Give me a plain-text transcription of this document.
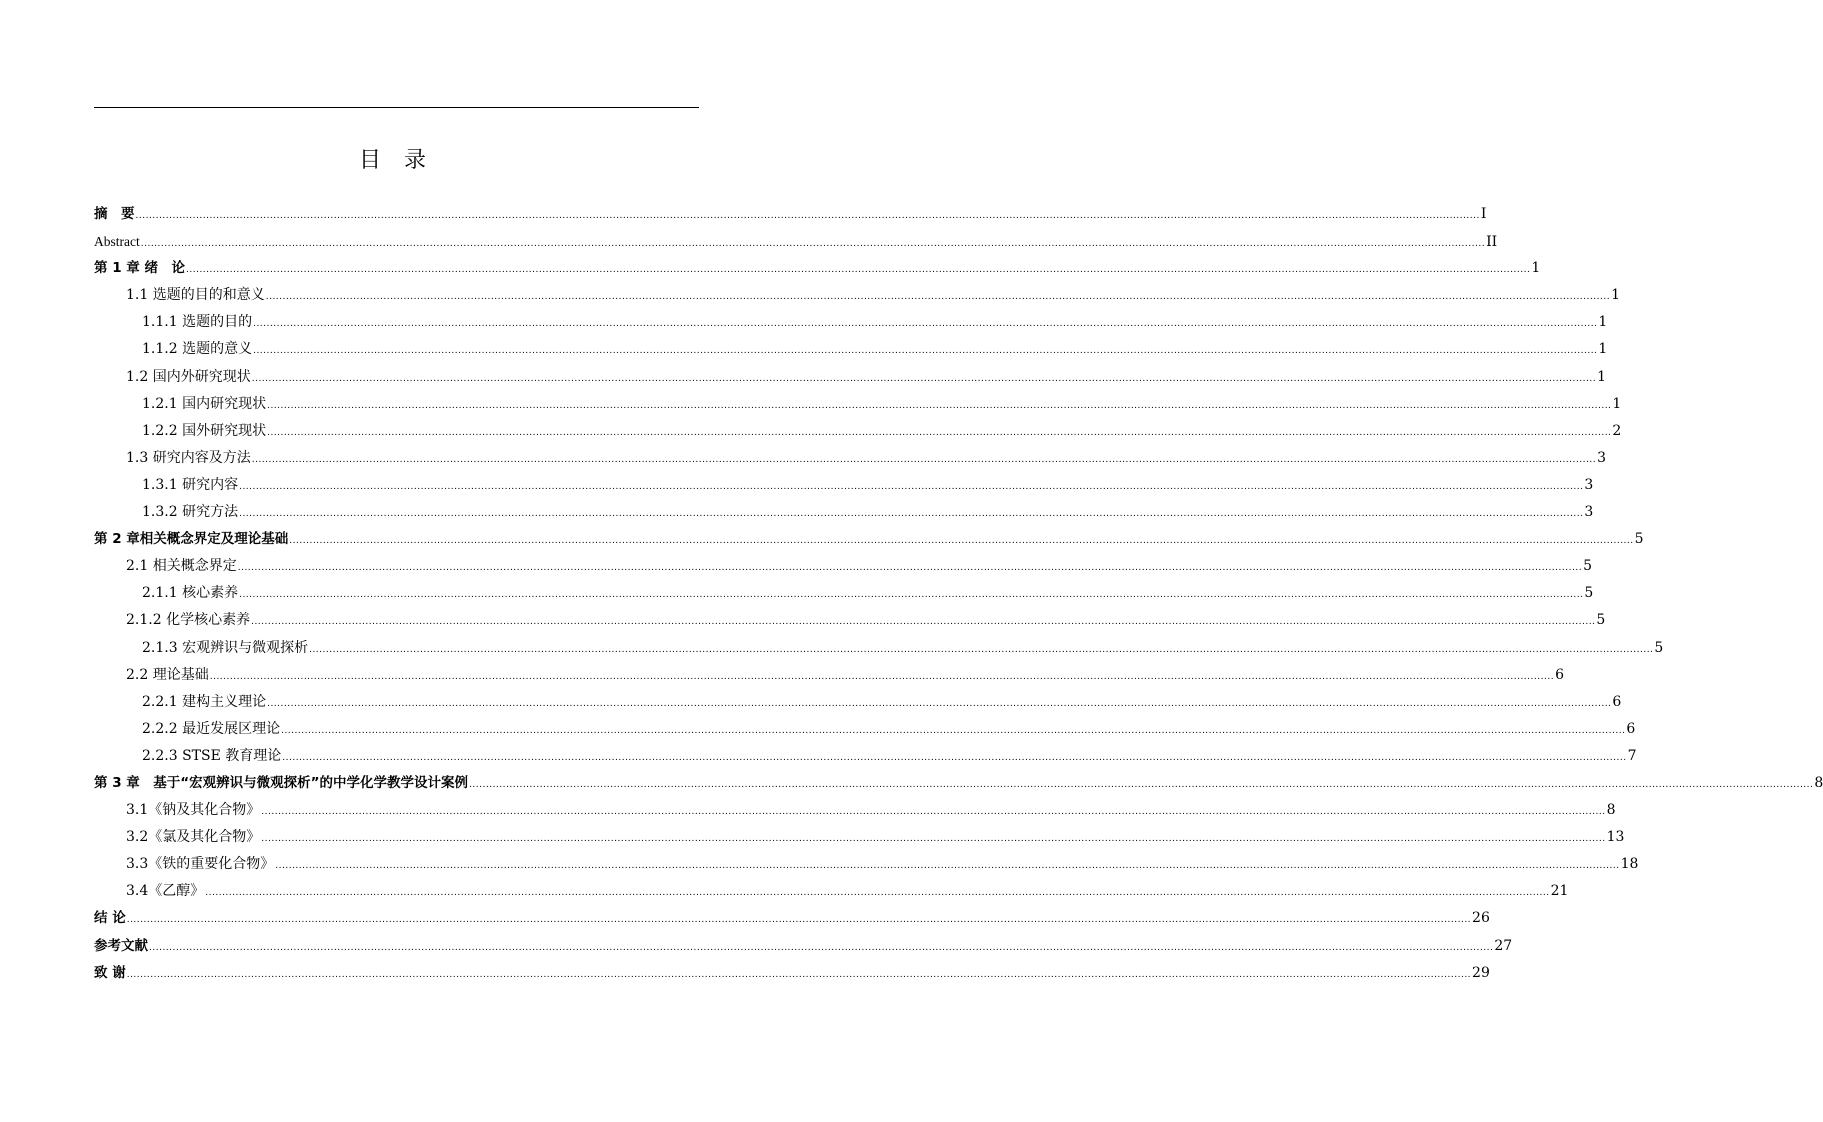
目 录
摘　要 ................................................................................................................................................................................................................................................................................................................................................................................................................ I
Abstract ................................................................................................................................................................................................................................................................................................................................................................................................................ II
第 1 章 绪　论 ................................................................................................................................................................................................................................................................................................................................................................................................................ 1
1.1 选题的目的和意义 ................................................................................................................................................................................................................................................................................................................................................................................................................ 1
1.1.1 选题的目的 ................................................................................................................................................................................................................................................................................................................................................................................................................ 1
1.1.2 选题的意义 ................................................................................................................................................................................................................................................................................................................................................................................................................ 1
1.2 国内外研究现状 ................................................................................................................................................................................................................................................................................................................................................................................................................ 1
1.2.1 国内研究现状 ................................................................................................................................................................................................................................................................................................................................................................................................................ 1
1.2.2 国外研究现状 ................................................................................................................................................................................................................................................................................................................................................................................................................ 2
1.3 研究内容及方法 ................................................................................................................................................................................................................................................................................................................................................................................................................ 3
1.3.1 研究内容 ................................................................................................................................................................................................................................................................................................................................................................................................................ 3
1.3.2 研究方法 ................................................................................................................................................................................................................................................................................................................................................................................................................ 3
第 2 章相关概念界定及理论基础 ................................................................................................................................................................................................................................................................................................................................................................................................................ 5
2.1 相关概念界定 ................................................................................................................................................................................................................................................................................................................................................................................................................ 5
2.1.1 核心素养 ................................................................................................................................................................................................................................................................................................................................................................................................................ 5
2.1.2 化学核心素养 ................................................................................................................................................................................................................................................................................................................................................................................................................ 5
2.1.3 宏观辨识与微观探析 ................................................................................................................................................................................................................................................................................................................................................................................................................ 5
2.2 理论基础 ................................................................................................................................................................................................................................................................................................................................................................................................................ 6
2.2.1 建构主义理论 ................................................................................................................................................................................................................................................................................................................................................................................................................ 6
2.2.2 最近发展区理论 ................................................................................................................................................................................................................................................................................................................................................................................................................ 6
2.2.3 STSE 教育理论 ................................................................................................................................................................................................................................................................................................................................................................................................................ 7
第 3 章　基于“宏观辨识与微观探析”的中学化学教学设计案例 ................................................................................................................................................................................................................................................................................................................................................................................................................ 8
3.1《钠及其化合物》 ................................................................................................................................................................................................................................................................................................................................................................................................................ 8
3.2《氯及其化合物》 ................................................................................................................................................................................................................................................................................................................................................................................................................ 13
3.3《铁的重要化合物》 ................................................................................................................................................................................................................................................................................................................................................................................................................ 18
3.4《乙醇》 ................................................................................................................................................................................................................................................................................................................................................................................................................ 21
结 论 ................................................................................................................................................................................................................................................................................................................................................................................................................ 26
参考文献 ................................................................................................................................................................................................................................................................................................................................................................................................................ 27
致 谢 ................................................................................................................................................................................................................................................................................................................................................................................................................ 29
